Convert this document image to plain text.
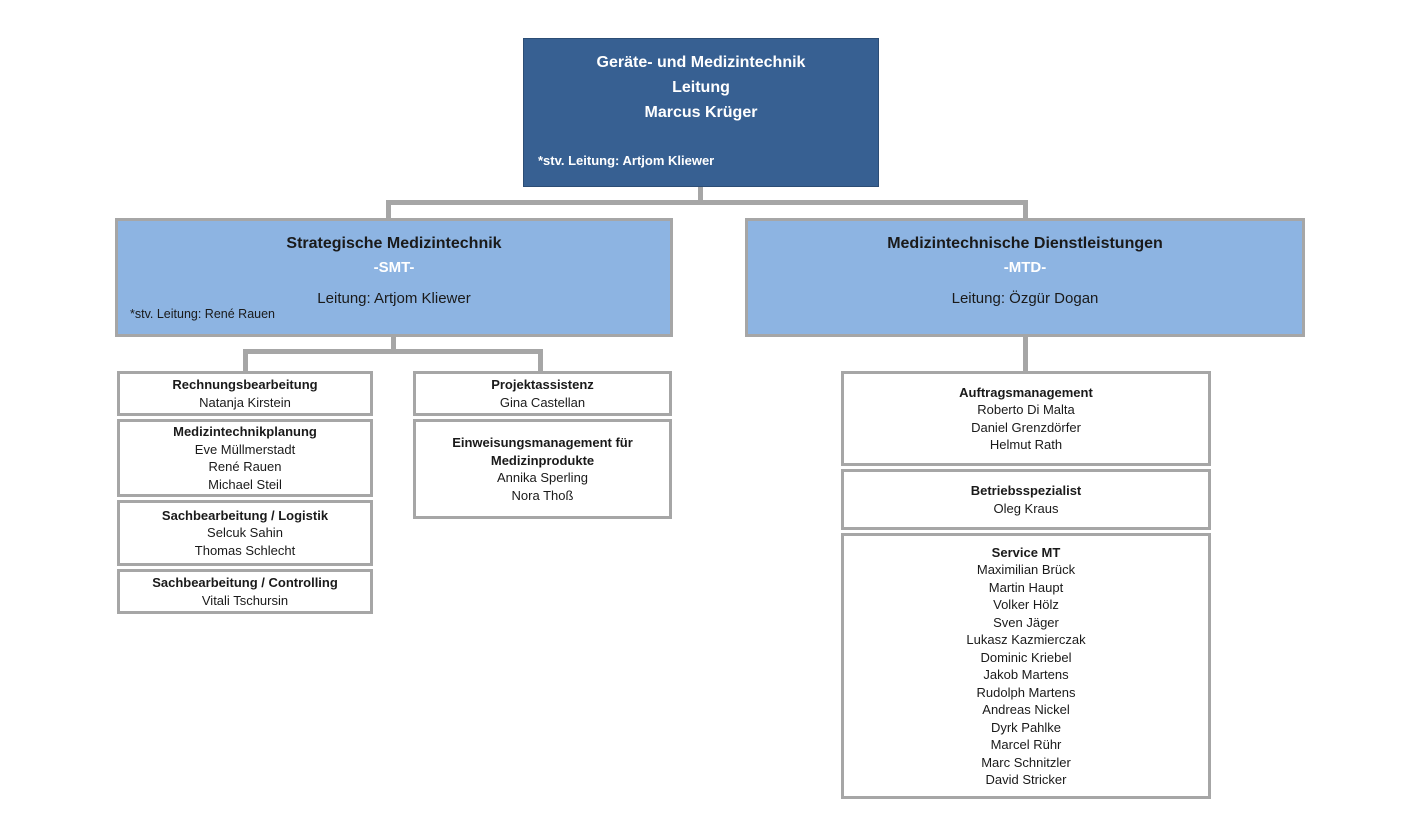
Geräte- und Medizintechnik
Leitung
Marcus Krüger
*stv. Leitung: Artjom Kliewer
Strategische Medizintechnik
-SMT-
Leitung: Artjom Kliewer
*stv. Leitung: René Rauen
Medizintechnische Dienstleistungen
-MTD-
Leitung: Özgür Dogan
Rechnungsbearbeitung
Natanja Kirstein
Medizintechnikplanung
Eve Müllmerstadt
René Rauen
Michael Steil
Sachbearbeitung / Logistik
Selcuk Sahin
Thomas Schlecht
Sachbearbeitung / Controlling
Vitali Tschursin
Projektassistenz
Gina Castellan
Einweisungsmanagement für Medizinprodukte
Annika Sperling
Nora Thoß
Auftragsmanagement
Roberto Di Malta
Daniel Grenzdörfer
Helmut Rath
Betriebsspezialist
Oleg Kraus
Service MT
Maximilian Brück
Martin Haupt
Volker Hölz
Sven Jäger
Lukasz Kazmierczak
Dominic Kriebel
Jakob Martens
Rudolph Martens
Andreas Nickel
Dyrk Pahlke
Marcel Rühr
Marc Schnitzler
David Stricker
